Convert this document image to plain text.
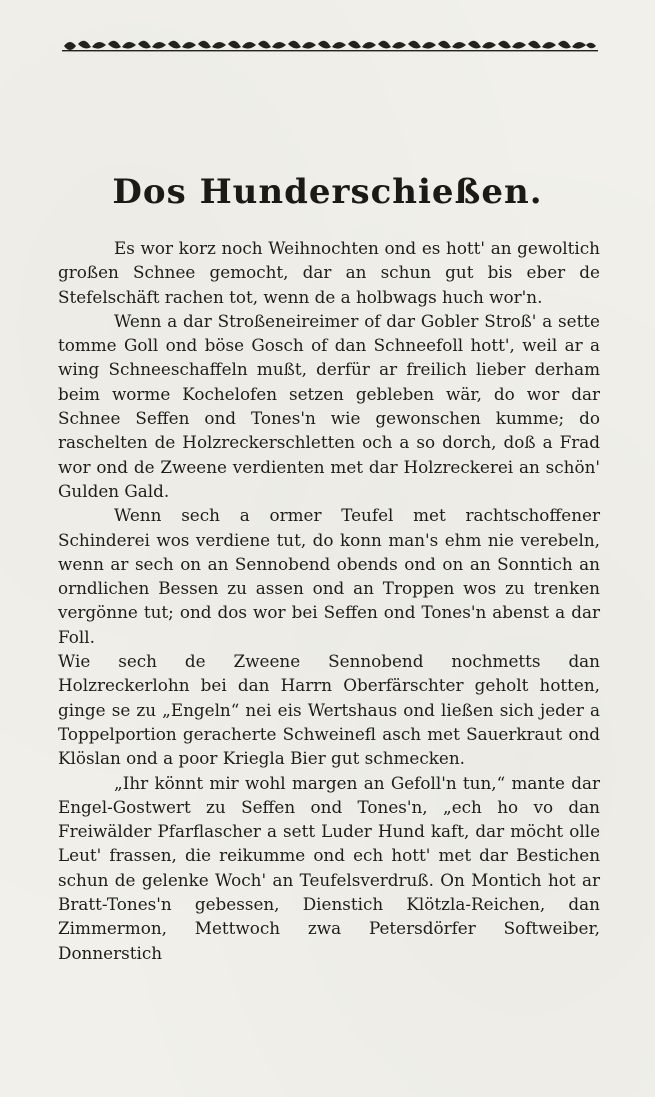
Dos Hunderschießen.

Es wor korz noch Weihnochten ond es hott' an gewoltich großen Schnee gemocht, dar an schun gut bis eber de Stefelschäft rachen tot, wenn de a holbwags huch wor'n.

Wenn a dar Stroßeneireimer of dar Gobler Stroß' a sette tomme Goll ond böse Gosch of dan Schneefoll hott', weil ar a wing Schneeschaffeln mußt, derfür ar freilich lieber derham beim worme Kochelofen setzen gebleben wär, do wor dar Schnee Seffen ond Tones'n wie gewonschen kumme; do raschelten de Holzreckerschletten och a so dorch, doß a Frad wor ond de Zweene verdienten met dar Holzreckerei an schön' Gulden Gald.

Wenn sech a ormer Teufel met rachtschoffener Schinderei wos verdiene tut, do konn man's ehm nie verebeln, wenn ar sech on an Sennobend obends ond on an Sonntich an orndlichen Bessen zu assen ond an Troppen wos zu trenken vergönne tut; ond dos wor bei Seffen ond Tones'n abenst a dar Foll.

Wie sech de Zweene Sennobend nochmetts dan Holzreckerlohn bei dan Harrn Oberfärschter geholt hotten, ginge se zu „Engeln“ nei eis Wertshaus ond ließen sich jeder a Toppelportion geracherte Schweinefl asch met Sauerkraut ond Klöslan ond a poor Kriegla Bier gut schmecken.

„Ihr könnt mir wohl margen an Gefoll'n tun,“ mante dar Engel-Gostwert zu Seffen ond Tones'n, „ech ho vo dan Freiwälder Pfarflascher a sett Luder Hund kaft, dar möcht olle Leut' frassen, die reikumme ond ech hott' met dar Bestichen schun de gelenke Woch' an Teufelsverdruß. On Montich hot ar Bratt-Tones'n gebessen, Dienstich Klötzla-Reichen, dan Zimmermon, Mettwoch zwa Petersdörfer Softweiber, Donnerstich
